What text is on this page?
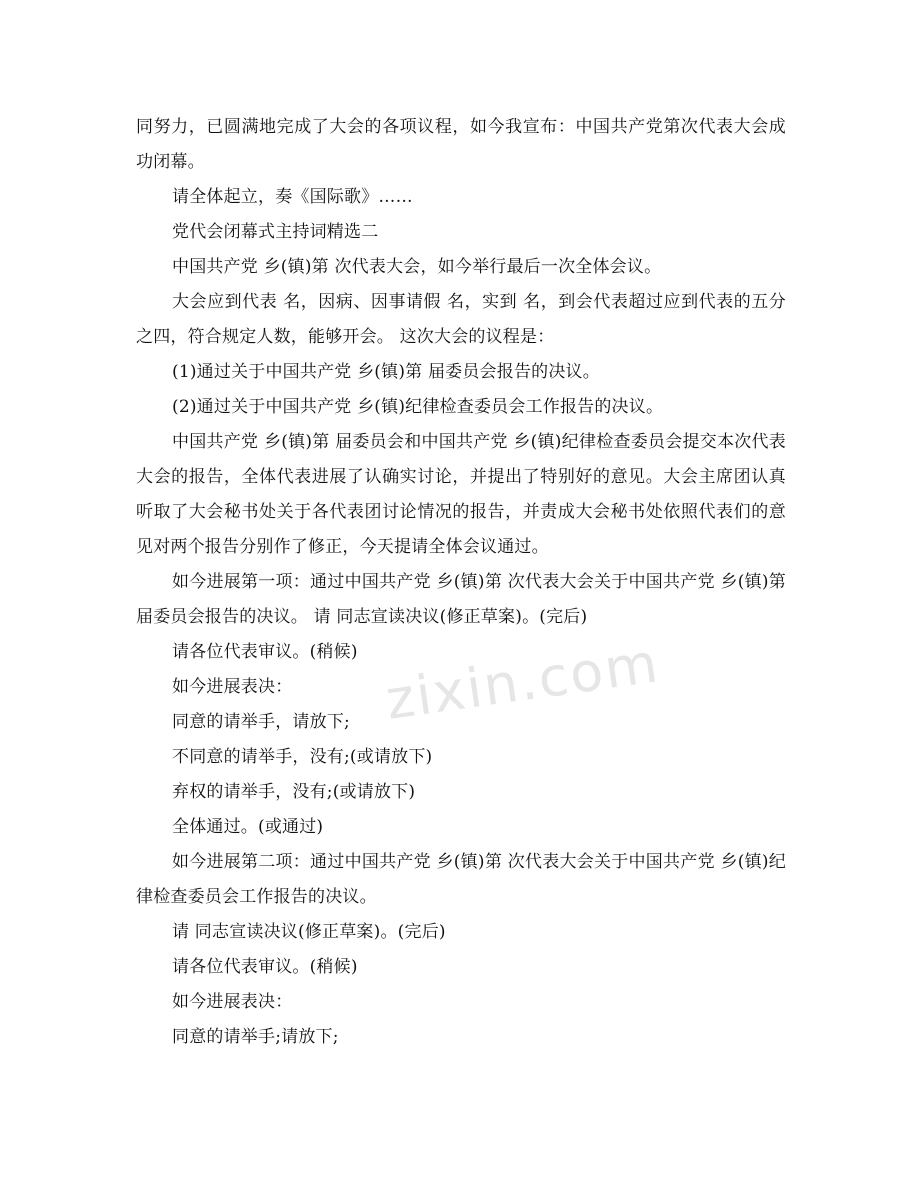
zixin.com

同努力，已圆满地完成了大会的各项议程，如今我宣布：中国共产党第次代表大会成功闭幕。

请全体起立，奏《国际歌》……

党代会闭幕式主持词精选二

中国共产党 乡(镇)第 次代表大会，如今举行最后一次全体会议。

大会应到代表 名，因病、因事请假 名，实到 名，到会代表超过应到代表的五分之四，符合规定人数，能够开会。 这次大会的议程是：

(1)通过关于中国共产党 乡(镇)第 届委员会报告的决议。

(2)通过关于中国共产党 乡(镇)纪律检查委员会工作报告的决议。

中国共产党 乡(镇)第 届委员会和中国共产党 乡(镇)纪律检查委员会提交本次代表大会的报告，全体代表进展了认确实讨论，并提出了特别好的意见。大会主席团认真听取了大会秘书处关于各代表团讨论情况的报告，并责成大会秘书处依照代表们的意见对两个报告分别作了修正，今天提请全体会议通过。

如今进展第一项：通过中国共产党 乡(镇)第 次代表大会关于中国共产党 乡(镇)第 届委员会报告的决议。 请 同志宣读决议(修正草案)。(完后)

请各位代表审议。(稍候)

如今进展表决：

同意的请举手，请放下;

不同意的请举手，没有;(或请放下)

弃权的请举手，没有;(或请放下)

全体通过。(或通过)

如今进展第二项：通过中国共产党 乡(镇)第 次代表大会关于中国共产党 乡(镇)纪律检查委员会工作报告的决议。

请 同志宣读决议(修正草案)。(完后)

请各位代表审议。(稍候)

如今进展表决：

同意的请举手;请放下;
